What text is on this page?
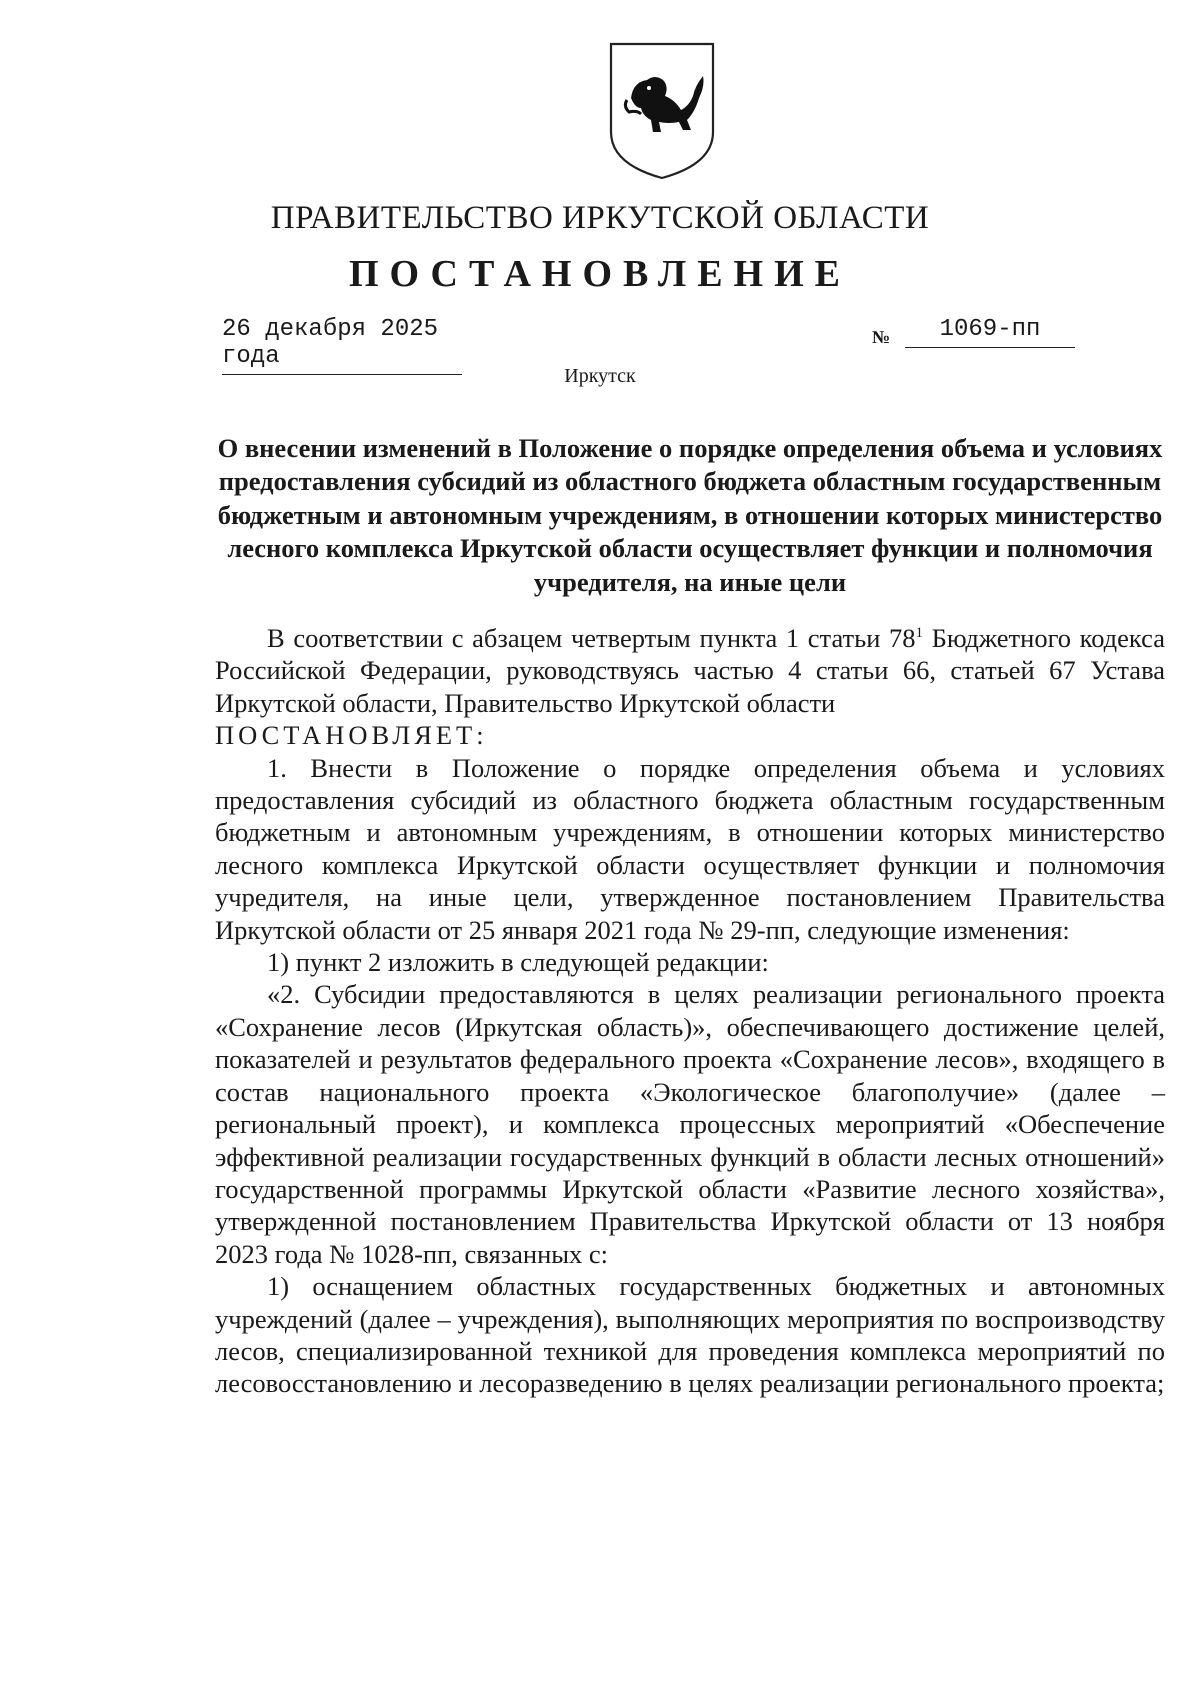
ПРАВИТЕЛЬСТВО ИРКУТСКОЙ ОБЛАСТИ
ПОСТАНОВЛЕНИЕ
26 декабря 2025 года
№	1069-пп
Иркутск
О внесении изменений в Положение о порядке определения объема и условиях предоставления субсидий из областного бюджета областным государственным бюджетным и автономным учреждениям, в отношении которых министерство лесного комплекса Иркутской области осуществляет функции и полномочия учредителя, на иные цели

В соответствии с абзацем четвертым пункта 1 статьи $78^1$ Бюджетного кодекса Российской Федерации, руководствуясь частью 4 статьи 66, статьей 67 Устава Иркутской области, Правительство Иркутской области

ПОСТАНОВЛЯЕТ:

1. Внести в Положение о порядке определения объема и условиях предоставления субсидий из областного бюджета областным государственным бюджетным и автономным учреждениям, в отношении которых министерство лесного комплекса Иркутской области осуществляет функции и полномочия учредителя, на иные цели, утвержденное постановлением Правительства Иркутской области от 25 января 2021 года № 29-пп, следующие изменения:

1) пункт 2 изложить в следующей редакции:

«2. Субсидии предоставляются в целях реализации регионального проекта «Сохранение лесов (Иркутская область)», обеспечивающего достижение целей, показателей и результатов федерального проекта «Сохранение лесов», входящего в состав национального проекта «Экологическое благополучие» (далее – региональный проект), и комплекса процессных мероприятий «Обеспечение эффективной реализации государственных функций в области лесных отношений» государственной программы Иркутской области «Развитие лесного хозяйства», утвержденной постановлением Правительства Иркутской области от 13 ноября 2023 года № 1028-пп, связанных с:

1) оснащением областных государственных бюджетных и автономных учреждений (далее – учреждения), выполняющих мероприятия по воспроизводству лесов, специализированной техникой для проведения комплекса мероприятий по лесовосстановлению и лесоразведению в целях реализации регионального проекта;
